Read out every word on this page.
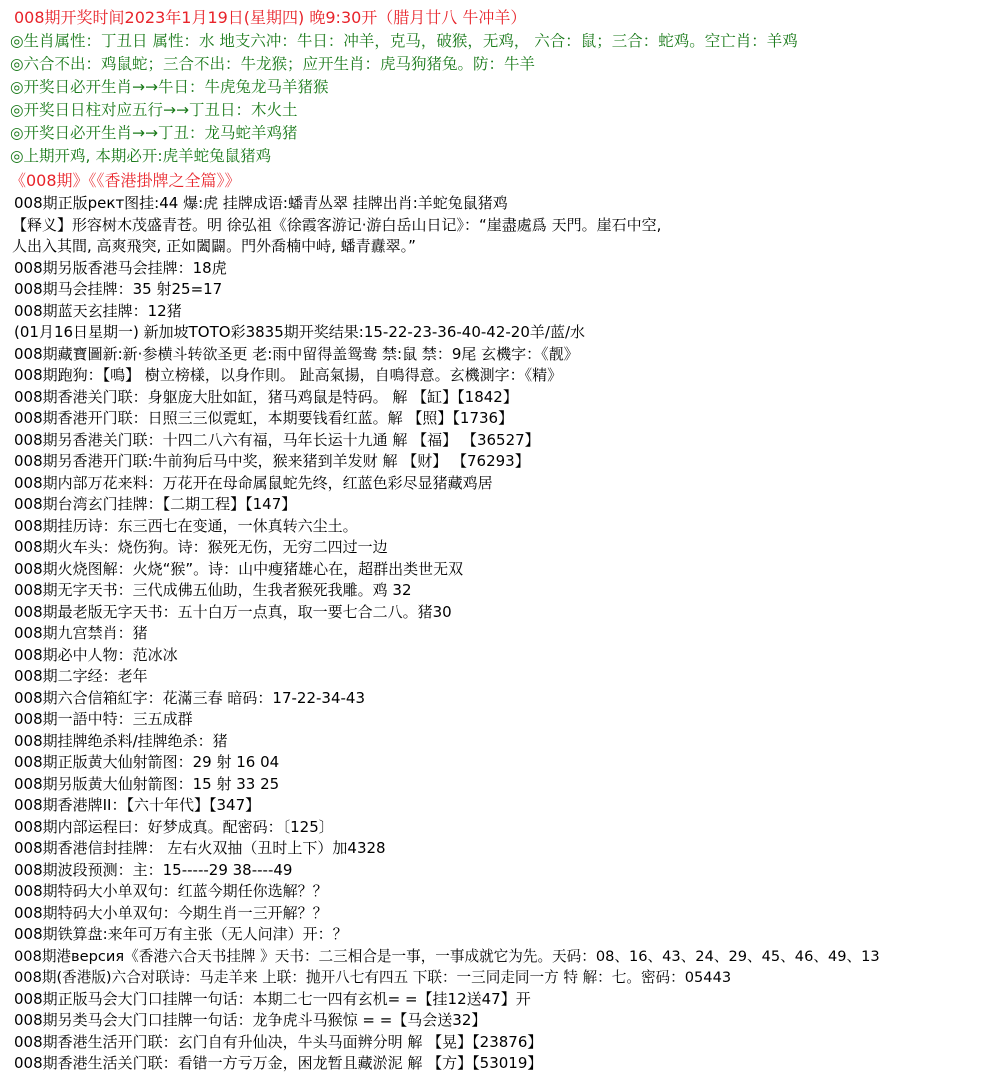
008期开奖时间2023年1月19日(星期四) 晚9:30开（腊月廿八 牛冲羊）
◎生肖属性：丁丑日 属性：水 地支六冲：牛日：冲羊，克马，破猴，无鸡， 六合：鼠；三合：蛇鸡。空亡肖：羊鸡
◎六合不出：鸡鼠蛇；三合不出：牛龙猴；应开生肖：虎马狗猪兔。防：牛羊
◎开奖日必开生肖→→牛日：牛虎兔龙马羊猪猴
◎开奖日日柱对应五行→→丁丑日：木火土
◎开奖日必开生肖→→丁丑：龙马蛇羊鸡猪
◎上期开鸡, 本期必开:虎羊蛇兔鼠猪鸡
《008期》《《香港掛牌之全篇》》
008期正版рект图挂:44 爆:虎 挂牌成语:蟠青丛翠 挂牌出肖:羊蛇兔鼠猪鸡
【释义】形容树木茂盛青苍。明 徐弘祖《徐霞客游记·游白岳山日记》：“崖盡處爲 天門。崖石中空,
人出入其間, 高爽飛突, 正如闔闢。門外喬楠中峙, 蟠青纛翠。”
008期另版香港马会挂牌：18虎
008期马会挂牌：35 射25=17
008期蓝天玄挂牌：12猪
(01月16日星期一) 新加坡TOTO彩3835期开奖结果:15-22-23-36-40-42-20羊/蓝/水
008期藏寶圖新:新·参横斗转欲圣更 老:雨中留得盖鸳鸯 禁:鼠 禁：9尾 玄機字：《靓》
008期跑狗：【鳴】 樹立榜樣，以身作則。 趾高氣揚，自鳴得意。玄機測字：《精》
008期香港关门联：身躯庞大肚如缸，猪马鸡鼠是特码。 解 【缸】【1842】
008期香港开门联：日照三三似霓虹，本期要钱看红蓝。解 【照】【1736】
008期另香港关门联：十四二八六有福，马年长运十九通 解 【福】 【36527】
008期另香港开门联:牛前狗后马中奖，猴来猪到羊发财 解 【财】 【76293】
008期内部万花来料：万花开在母命属鼠蛇先终，红蓝色彩尽显猪藏鸡居
008期台湾玄门挂牌：【二期工程】【147】
008期挂历诗：东三西七在变通，一休真转六尘土。
008期火车头：烧伤狗。诗：猴死无伤，无穷二四过一边
008期火烧图解：火烧“猴”。诗：山中瘦猪雄心在，超群出类世无双
008期无字天书：三代成佛五仙助，生我者猴死我雕。鸡 32
008期最老版无字天书：五十白万一点真，取一要七合二八。猪30
008期九宫禁肖：猪
008期必中人物：范冰冰
008期二字经：老年
008期六合信箱紅字：花滿三春 暗码：17-22-34-43
008期一語中特：三五成群
008期挂牌绝杀料/挂牌绝杀：猪
008期正版黄大仙射箭图：29 射 16 04
008期另版黄大仙射箭图：15 射 33 25
008期香港牌II：【六十年代】【347】
008期内部运程曰：好梦成真。配密码：〔125〕
008期香港信封挂牌： 左右火双抽（丑时上下）加4328
008期波段预测：主：15-----29 38----49
008期特码大小单双句：红蓝今期任你选解？？
008期特码大小单双句：今期生肖一三开解？？
008期铁算盘:来年可万有主张（无人问津）开：？
008期港версия《香港六合天书挂牌 》天书：二三相合是一事，一事成就它为先。天码：08、16、43、24、29、45、46、49、13
008期(香港版)六合对联诗：马走羊来 上联：抛开八七有四五 下联：一三同走同一方 特 解：七。密码：05443
008期正版马会大门口挂牌一句话：本期二七一四有玄机= =【挂12送47】开
008期另类马会大门口挂牌一句话：龙争虎斗马猴惊 = =【马会送32】
008期香港生活开门联：玄门自有升仙决，牛头马面辨分明 解 【晃】【23876】
008期香港生活关门联：看错一方亏万金，困龙暂且藏淤泥 解 【方】【53019】
